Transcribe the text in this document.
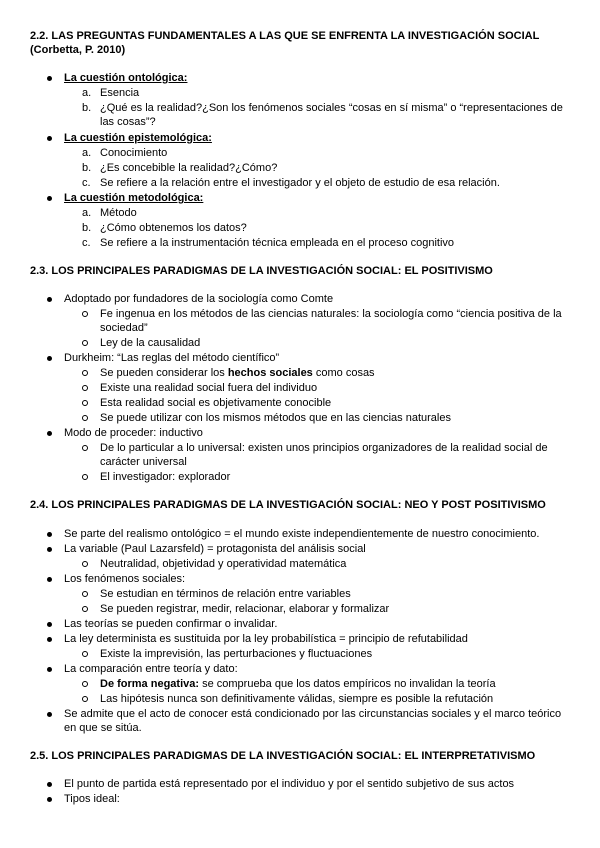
2.2. LAS PREGUNTAS FUNDAMENTALES A LAS QUE SE ENFRENTA LA INVESTIGACIÓN SOCIAL
(Corbetta, P. 2010)
La cuestión ontológica:
a. Esencia
b. ¿Qué es la realidad?¿Son los fenómenos sociales “cosas en sí misma” o “representaciones de
las cosas”?
La cuestión epistemológica:
a. Conocimiento
b. ¿Es concebible la realidad?¿Cómo?
c. Se refiere a la relación entre el investigador y el objeto de estudio de esa relación.
La cuestión metodológica:
a. Método
b. ¿Cómo obtenemos los datos?
c. Se refiere a la instrumentación técnica empleada en el proceso cognitivo
2.3. LOS PRINCIPALES PARADIGMAS DE LA INVESTIGACIÓN SOCIAL: EL POSITIVISMO
Adoptado por fundadores de la sociología como Comte
Fe ingenua en los métodos de las ciencias naturales: la sociología como “ciencia positiva de la
sociedad”
Ley de la causalidad
Durkheim: “Las reglas del método científico”
Se pueden considerar los hechos sociales como cosas
Existe una realidad social fuera del individuo
Esta realidad social es objetivamente conocible
Se puede utilizar con los mismos métodos que en las ciencias naturales
Modo de proceder: inductivo
De lo particular a lo universal: existen unos principios organizadores de la realidad social de
carácter universal
El investigador: explorador
2.4. LOS PRINCIPALES PARADIGMAS DE LA INVESTIGACIÓN SOCIAL: NEO Y POST POSITIVISMO
Se parte del realismo ontológico = el mundo existe independientemente de nuestro conocimiento.
La variable (Paul Lazarsfeld) = protagonista del análisis social
Neutralidad, objetividad y operatividad matemática
Los fenómenos sociales:
Se estudian en términos de relación entre variables
Se pueden registrar, medir, relacionar, elaborar y formalizar
Las teorías se pueden confirmar o invalidar.
La ley determinista es sustituida por la ley probabilística = principio de refutabilidad
Existe la imprevisión, las perturbaciones y fluctuaciones
La comparación entre teoría y dato:
De forma negativa: se comprueba que los datos empíricos no invalidan la teoría
Las hipótesis nunca son definitivamente válidas, siempre es posible la refutación
Se admite que el acto de conocer está condicionado por las circunstancias sociales y el marco teórico
en que se sitúa.
2.5. LOS PRINCIPALES PARADIGMAS DE LA INVESTIGACIÓN SOCIAL: EL INTERPRETATIVISMO
El punto de partida está representado por el individuo y por el sentido subjetivo de sus actos
Tipos ideal:
